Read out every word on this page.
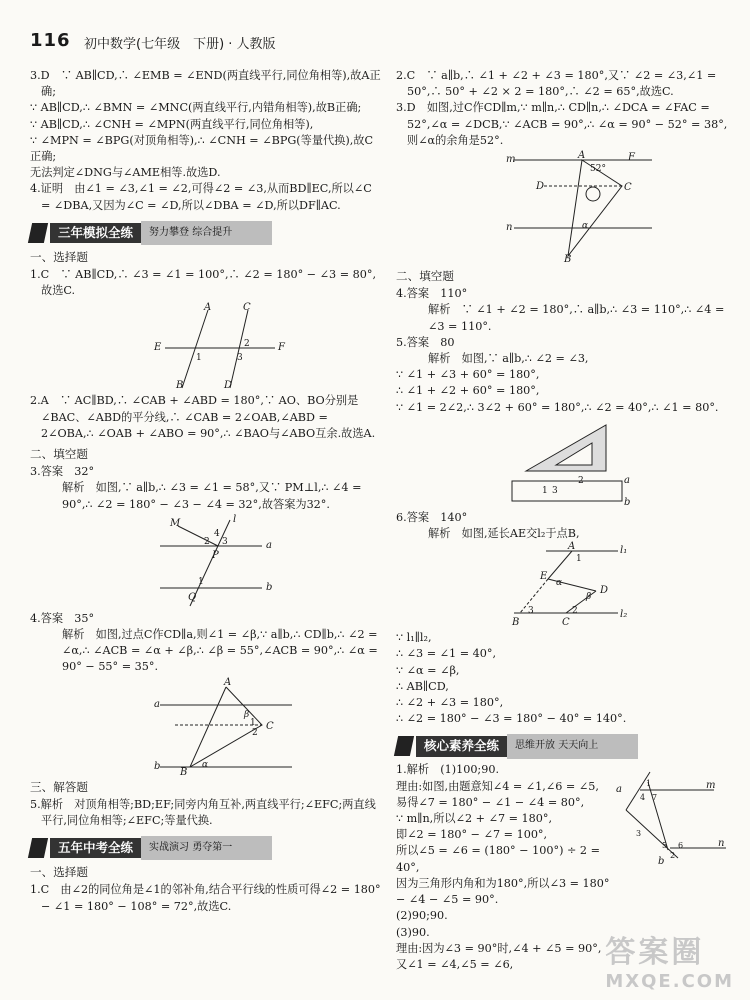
116 初中数学(七年级　下册) · 人教版

3.D　∵ AB∥CD,∴ ∠EMB = ∠END(两直线平行,同位角相等),故A正确;

∵ AB∥CD,∴ ∠BMN = ∠MNC(两直线平行,内错角相等),故B正确;

∵ AB∥CD,∴ ∠CNH = ∠MPN(两直线平行,同位角相等),

∵ ∠MPN = ∠BPG(对顶角相等),∴ ∠CNH = ∠BPG(等量代换),故C正确;

无法判定∠DNG与∠AME相等.故选D.

4.证明　由∠1 = ∠3,∠1 = ∠2,可得∠2 = ∠3,从而BD∥EC,所以∠C = ∠DBA,又因为∠C = ∠D,所以∠DBA = ∠D,所以DF∥AC.

三年模拟全练	努力攀登 综合提升
一、选择题

1.C　∵ AB∥CD,∴ ∠3 = ∠1 = 100°,∴ ∠2 = 180° − ∠3 = 80°,故选C.

A	C
E	F
B	D
1
2
3

2.A　∵ AC∥BD,∴ ∠CAB + ∠ABD = 180°,∵ AO、BO分别是∠BAC、∠ABD的平分线,∴ ∠CAB = 2∠OAB,∠ABD = 2∠OBA,∴ ∠OAB + ∠ABO = 90°,∴ ∠BAO与∠ABO互余.故选A.

二、填空题

3.答案　32°

解析　如图,∵ a∥b,∴ ∠3 = ∠1 = 58°,又∵ PM⊥l,∴ ∠4 = 90°,∴ ∠2 = 180° − ∠3 − ∠4 = 32°,故答案为32°.

M	l
a
b
P
Q
1
2 3
4

4.答案　35°

解析　如图,过点C作CD∥a,则∠1 = ∠β,∵ a∥b,∴ CD∥b,∴ ∠2 = ∠α,∴ ∠ACB = ∠α + ∠β,∴ ∠β = 55°,∠ACB = 90°,∴ ∠α = 90° − 55° = 35°.

A
C
B
a
b
1
2
β
α
三、解答题

5.解析　对顶角相等;BD;EF;同旁内角互补,两直线平行;∠EFC;两直线平行,同位角相等;∠EFC;等量代换.

五年中考全练	实战演习 勇夺第一
一、选择题

1.C　由∠2的同位角是∠1的邻补角,结合平行线的性质可得∠2 = 180° − ∠1 = 180° − 108° = 72°,故选C.

2.C　∵ a∥b,∴ ∠1 + ∠2 + ∠3 = 180°,又∵ ∠2 = ∠3,∠1 = 50°,∴ 50° + ∠2 × 2 = 180°,∴ ∠2 = 65°,故选C.

3.D　如图,过C作CD∥m,∵ m∥n,∴ CD∥n,∴ ∠DCA = ∠FAC = 52°,∠α = ∠DCB,∵ ∠ACB = 90°,∴ ∠α = 90° − 52° = 38°,则∠α的余角是52°.

m
n
A	F
D	C
B
52°
α
二、填空题

4.答案　110°

解析　∵ ∠1 + ∠2 = 180°,∴ a∥b,∴ ∠3 = 110°,∴ ∠4 = ∠3 = 110°.

5.答案　80

解析　如图,∵ a∥b,∴ ∠2 = ∠3,

∵ ∠1 + ∠3 + 60° = 180°,

∴ ∠1 + ∠2 + 60° = 180°,

∵ ∠1 = 2∠2,∴ 3∠2 + 60° = 180°,∴ ∠2 = 40°,∴ ∠1 = 80°.

a
b
1
2
3

6.答案　140°

解析　如图,延长AE交l₂于点B,

A	l₁
l₂
E
D
B	C
1
2
3
α
β

∵ l₁∥l₂,

∴ ∠3 = ∠1 = 40°,

∵ ∠α = ∠β,

∴ AB∥CD,

∴ ∠2 + ∠3 = 180°,

∴ ∠2 = 180° − ∠3 = 180° − 40° = 140°.

核心素养全练	思维开放 天天向上

1.解析　(1)100;90.

理由:如图,由题意知∠4 = ∠1,∠6 = ∠5,

易得∠7 = 180° − ∠1 − ∠4 = 80°,

∵ m∥n,所以∠2 + ∠7 = 180°,

即∠2 = 180° − ∠7 = 100°,

所以∠5 = ∠6 = (180° − 100°) ÷ 2 = 40°,

因为三角形内角和为180°,所以∠3 = 180° − ∠4 − ∠5 = 90°.

(2)90;90.

(3)90.

理由:因为∠3 = 90°时,∠4 + ∠5 = 90°,

又∠1 = ∠4,∠5 = ∠6,

a
b
m
n
1
2
3
4
5 6
7
答案圈
MXQE.COM
